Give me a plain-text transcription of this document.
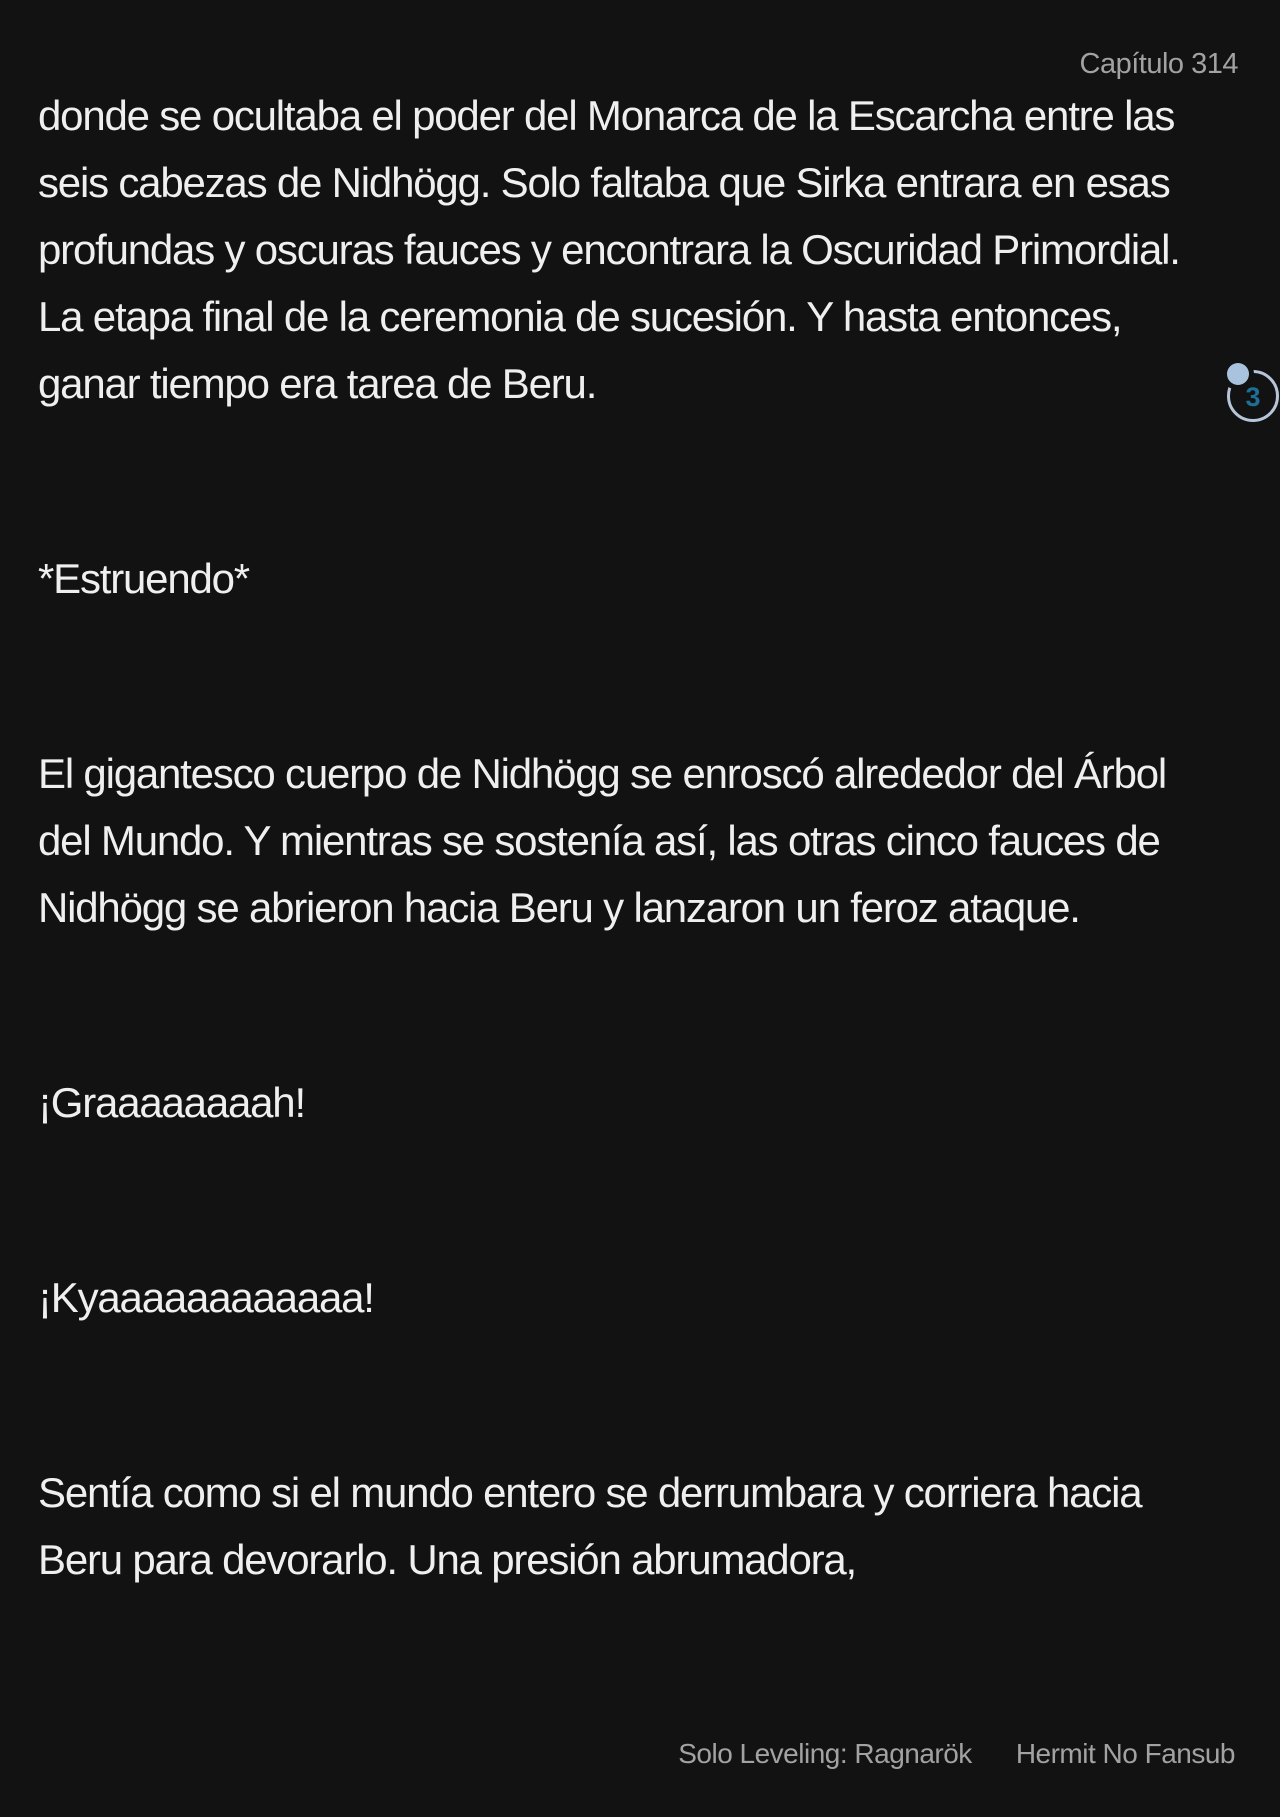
Capítulo 314

donde se ocultaba el poder del Monarca de la Escarcha entre las seis cabezas de Nidhögg. Solo faltaba que Sirka entrara en esas profundas y oscuras fauces y encontrara la Oscuridad Primordial. La etapa final de la ceremonia de sucesión. Y hasta entonces, ganar tiempo era tarea de Beru.

*Estruendo*

El gigantesco cuerpo de Nidhögg se enroscó alrededor del Árbol del Mundo. Y mientras se sostenía así, las otras cinco fauces de Nidhögg se abrieron hacia Beru y lanzaron un feroz ataque.

¡Graaaaaaaah!

¡Kyaaaaaaaaaaaa!

Sentía como si el mundo entero se derrumbara y corriera hacia Beru para devorarlo. Una presión abrumadora,

3
Solo Leveling: Ragnarök Hermit No Fansub
